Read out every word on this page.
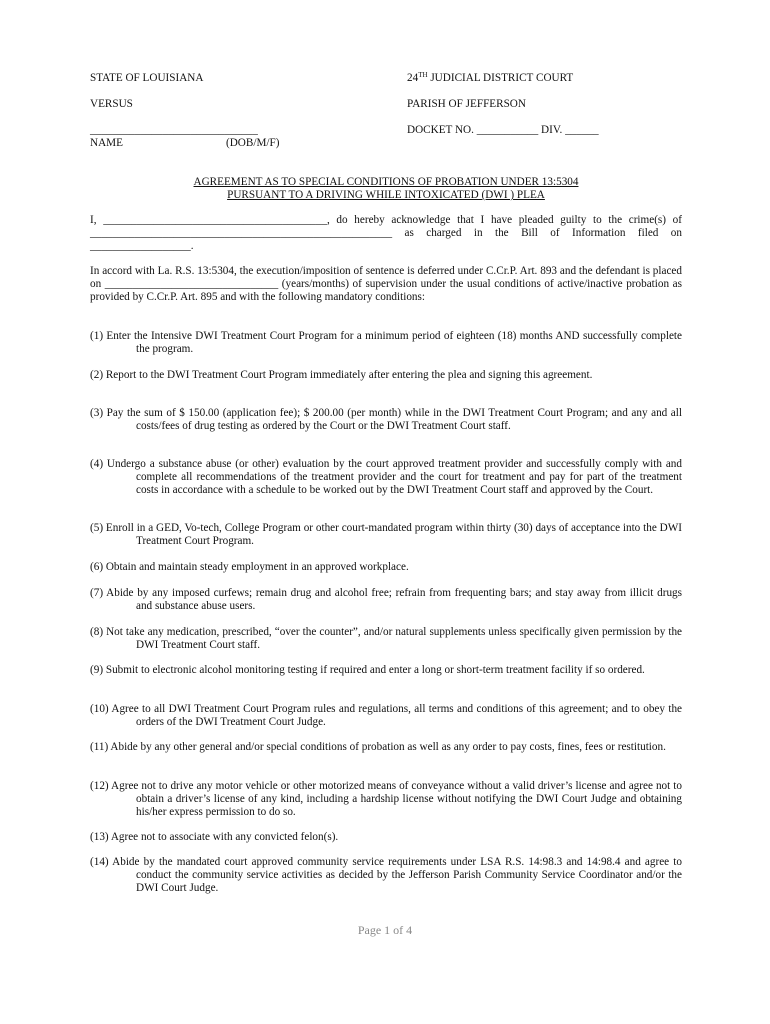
STATE OF LOUISIANA	24TH JUDICIAL DISTRICT COURT
VERSUS	PARISH OF JEFFERSON
______________________________	DOCKET NO. ___________ DIV. ______
NAME	(DOB/M/F)
AGREEMENT AS TO SPECIAL CONDITIONS OF PROBATION UNDER 13:5304
PURSUANT TO A DRIVING WHILE INTOXICATED (DWI ) PLEA
I, ________________________________________, do hereby acknowledge that I have pleaded guilty to the crime(s) of ______________________________________________________ as charged in the Bill of Information filed on __________________.
In accord with La. R.S. 13:5304, the execution/imposition of sentence is deferred under C.Cr.P. Art. 893 and the defendant is placed on _______________________________ (years/months) of supervision under the usual conditions of active/inactive probation as provided by C.Cr.P. Art. 895 and with the following mandatory conditions:
(1) Enter the Intensive DWI Treatment Court Program for a minimum period of eighteen (18) months AND successfully complete the program.
(2) Report to the DWI Treatment Court Program immediately after entering the plea and signing this agreement.
(3) Pay the sum of $ 150.00 (application fee); $ 200.00 (per month) while in the DWI Treatment Court Program; and any and all costs/fees of drug testing as ordered by the Court or the DWI Treatment Court staff.
(4) Undergo a substance abuse (or other) evaluation by the court approved treatment provider and successfully comply with and complete all recommendations of the treatment provider and the court for treatment and pay for part of the treatment costs in accordance with a schedule to be worked out by the DWI Treatment Court staff and approved by the Court.
(5) Enroll in a GED, Vo-tech, College Program or other court-mandated program within thirty (30) days of acceptance into the DWI Treatment Court Program.
(6) Obtain and maintain steady employment in an approved workplace.
(7) Abide by any imposed curfews; remain drug and alcohol free; refrain from frequenting bars; and stay away from illicit drugs and substance abuse users.
(8) Not take any medication, prescribed, “over the counter”, and/or natural supplements unless specifically given permission by the DWI Treatment Court staff.
(9) Submit to electronic alcohol monitoring testing if required and enter a long or short-term treatment facility if so ordered.
(10) Agree to all DWI Treatment Court Program rules and regulations, all terms and conditions of this agreement; and to obey the orders of the DWI Treatment Court Judge.
(11) Abide by any other general and/or special conditions of probation as well as any order to pay costs, fines, fees or restitution.
(12) Agree not to drive any motor vehicle or other motorized means of conveyance without a valid driver’s license and agree not to obtain a driver’s license of any kind, including a hardship license without notifying the DWI Court Judge and obtaining his/her express permission to do so.
(13) Agree not to associate with any convicted felon(s).
(14) Abide by the mandated court approved community service requirements under LSA R.S. 14:98.3 and 14:98.4 and agree to conduct the community service activities as decided by the Jefferson Parish Community Service Coordinator and/or the DWI Court Judge.
Page 1 of 4
